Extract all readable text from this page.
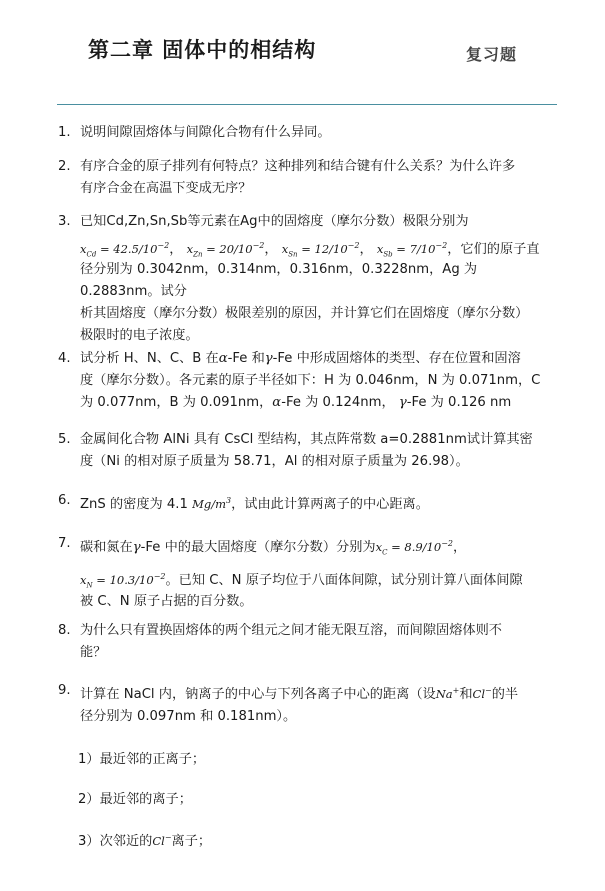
第二章 固体中的相结构	复习题
1. 说明间隙固熔体与间隙化合物有什么异同。
2. 有序合金的原子排列有何特点？这种排列和结合键有什么关系？为什么许多
有序合金在高温下变成无序？
3. 已知Cd,Zn,Sn,Sb等元素在Ag中的固熔度（摩尔分数）极限分别为
$x_{Cd} = 42.5/10^{-2}$， $x_{Zn} = 20/10^{-2}$， $x_{Sn} = 12/10^{-2}$， $x_{Sb} = 7/10^{-2}$，它们的原子直
径分别为 0.3042nm，0.314nm，0.316nm，0.3228nm，Ag 为 0.2883nm。试分
析其固熔度（摩尔分数）极限差别的原因，并计算它们在固熔度（摩尔分数）
极限时的电子浓度。
4. 试分析 H、N、C、B 在α-Fe 和γ-Fe 中形成固熔体的类型、存在位置和固溶
度（摩尔分数）。各元素的原子半径如下：H 为 0.046nm，N 为 0.071nm，C
为 0.077nm，B 为 0.091nm，α-Fe 为 0.124nm， γ-Fe 为 0.126 nm
5. 金属间化合物 AlNi 具有 CsCl 型结构，其点阵常数 a=0.2881nm试计算其密
度（Ni 的相对原子质量为 58.71，Al 的相对原子质量为 26.98）。
6. ZnS 的密度为 4.1 $Mg/m^3$，试由此计算两离子的中心距离。
7. 碳和氮在γ-Fe 中的最大固熔度（摩尔分数）分别为$x_C = 8.9/10^{-2}$，
$x_N = 10.3/10^{-2}$。已知 C、N 原子均位于八面体间隙，试分别计算八面体间隙
被 C、N 原子占据的百分数。
8. 为什么只有置换固熔体的两个组元之间才能无限互溶，而间隙固熔体则不
能？
9. 计算在 NaCl 内，钠离子的中心与下列各离子中心的距离（设Na+和Cl−的半
径分别为 0.097nm 和 0.181nm）。
1）最近邻的正离子；
2）最近邻的离子；
3）次邻近的Cl−离子；
